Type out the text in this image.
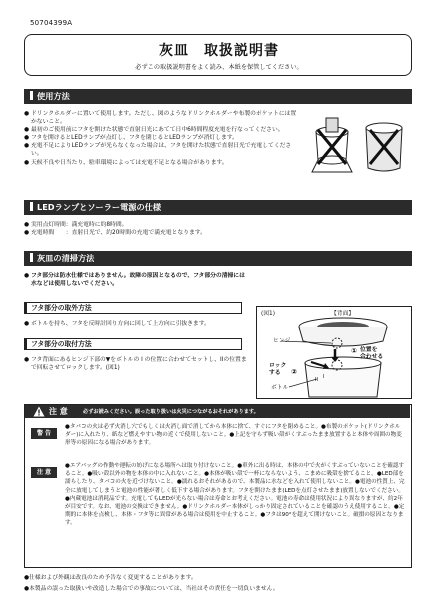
50704399A
灰皿　取扱説明書
必ずこの取扱説明書をよく読み、本紙を保管してください。
使用方法
● ドリンクホルダーに置いて使用します。ただし、図のようなドリンクホルダーや布製のポケットには置かないこと。
● 最初のご使用前にフタを開けた状態で直射日光にあてて日中6時間程度充電を行なってください。
● フタを開けるとLEDランプが点灯し、フタを閉じるとLEDランプが消灯します。
● 充電不足によりLEDランプが光らなくなった場合は、フタを開けた状態で直射日光で充電してください。
● 天候不良や日当たり、駐車環境によっては充電不足となる場合があります。
LEDランプとソーラー電源の仕様
● 実用点灯時間：満充電時に約8時間。
● 充電時間　　：直射日光で、約20時間の充電で満充電となります。
灰皿の清掃方法
● フタ部分は防水仕様ではありません。故障の原因となるので、フタ部分の清掃には水などは使用しないでください。
フタ部分の取外方法
● ボトルを持ち、フタを反時計回り方向に回して上方向に引抜きます。
フタ部分の取付方法
● フタ背面にあるヒンジ下部の▼をボトルの I の位置に合わせてセットし、IIの位置まで回転させてロックします。(図1)
(図1)	【背面】
ヒンジ
ロック
する	②
① 位置を
合わせる
ボトル
I
II
注 意	必ずお読みください。誤った取り扱いは火災につながるおそれがあります。
警 告
●タバコの火は必ず火消し穴でもしくは火消し面で消してから本体に捨て、すぐにフタを閉めること。●布製のポケット(ドリンクホルダー)に入れたり、紙など燃えやすい物の近くで使用しないこと。●上記を守らず吸い殻がくすぶったまま放置すると本体や周囲の物変形等の原因になる場合があります。
注 意
●エアバッグの作動や運転の妨げになる場所へは取り付けないこと。●車外に出る時は、本体の中で火がくすぶっていないことを確認すること。●吸い殻以外の物を本体の中に入れないこと。●本体が吸い殻で一杯にならないよう、こまめに吸殻を捨てること。●LED部を濡らしたり、タバコの火を近づけないこと。●濡れるおそれがあるので、本製品に水などを入れて使用しないこと。●電池の性質上、完全に放電してしまうと電池の性能が著しく低下する場合があります。フタを開けたまま(LEDを点灯させたまま)放置しないでください。●内蔵電池は消耗品です。充電してもLEDが光らない場合は寿命とお考えください。電池の寿命は使用状況により異なりますが、約2年が目安です。なお、電池の交換はできません。●ドリンクホルダー本体がしっかり固定されていることを確認のうえ使用すること。●定期的に本体を点検し、本体・フタ等に異常がある場合は使用を中止すること。●フタは90°を超えて開けないこと。破損の原因となります。
●仕様および外観は改良のため予告なく変更することがあります。
●本製品の誤った取扱いや改造した場合での事故については、当社はその責任を一切負いません。
